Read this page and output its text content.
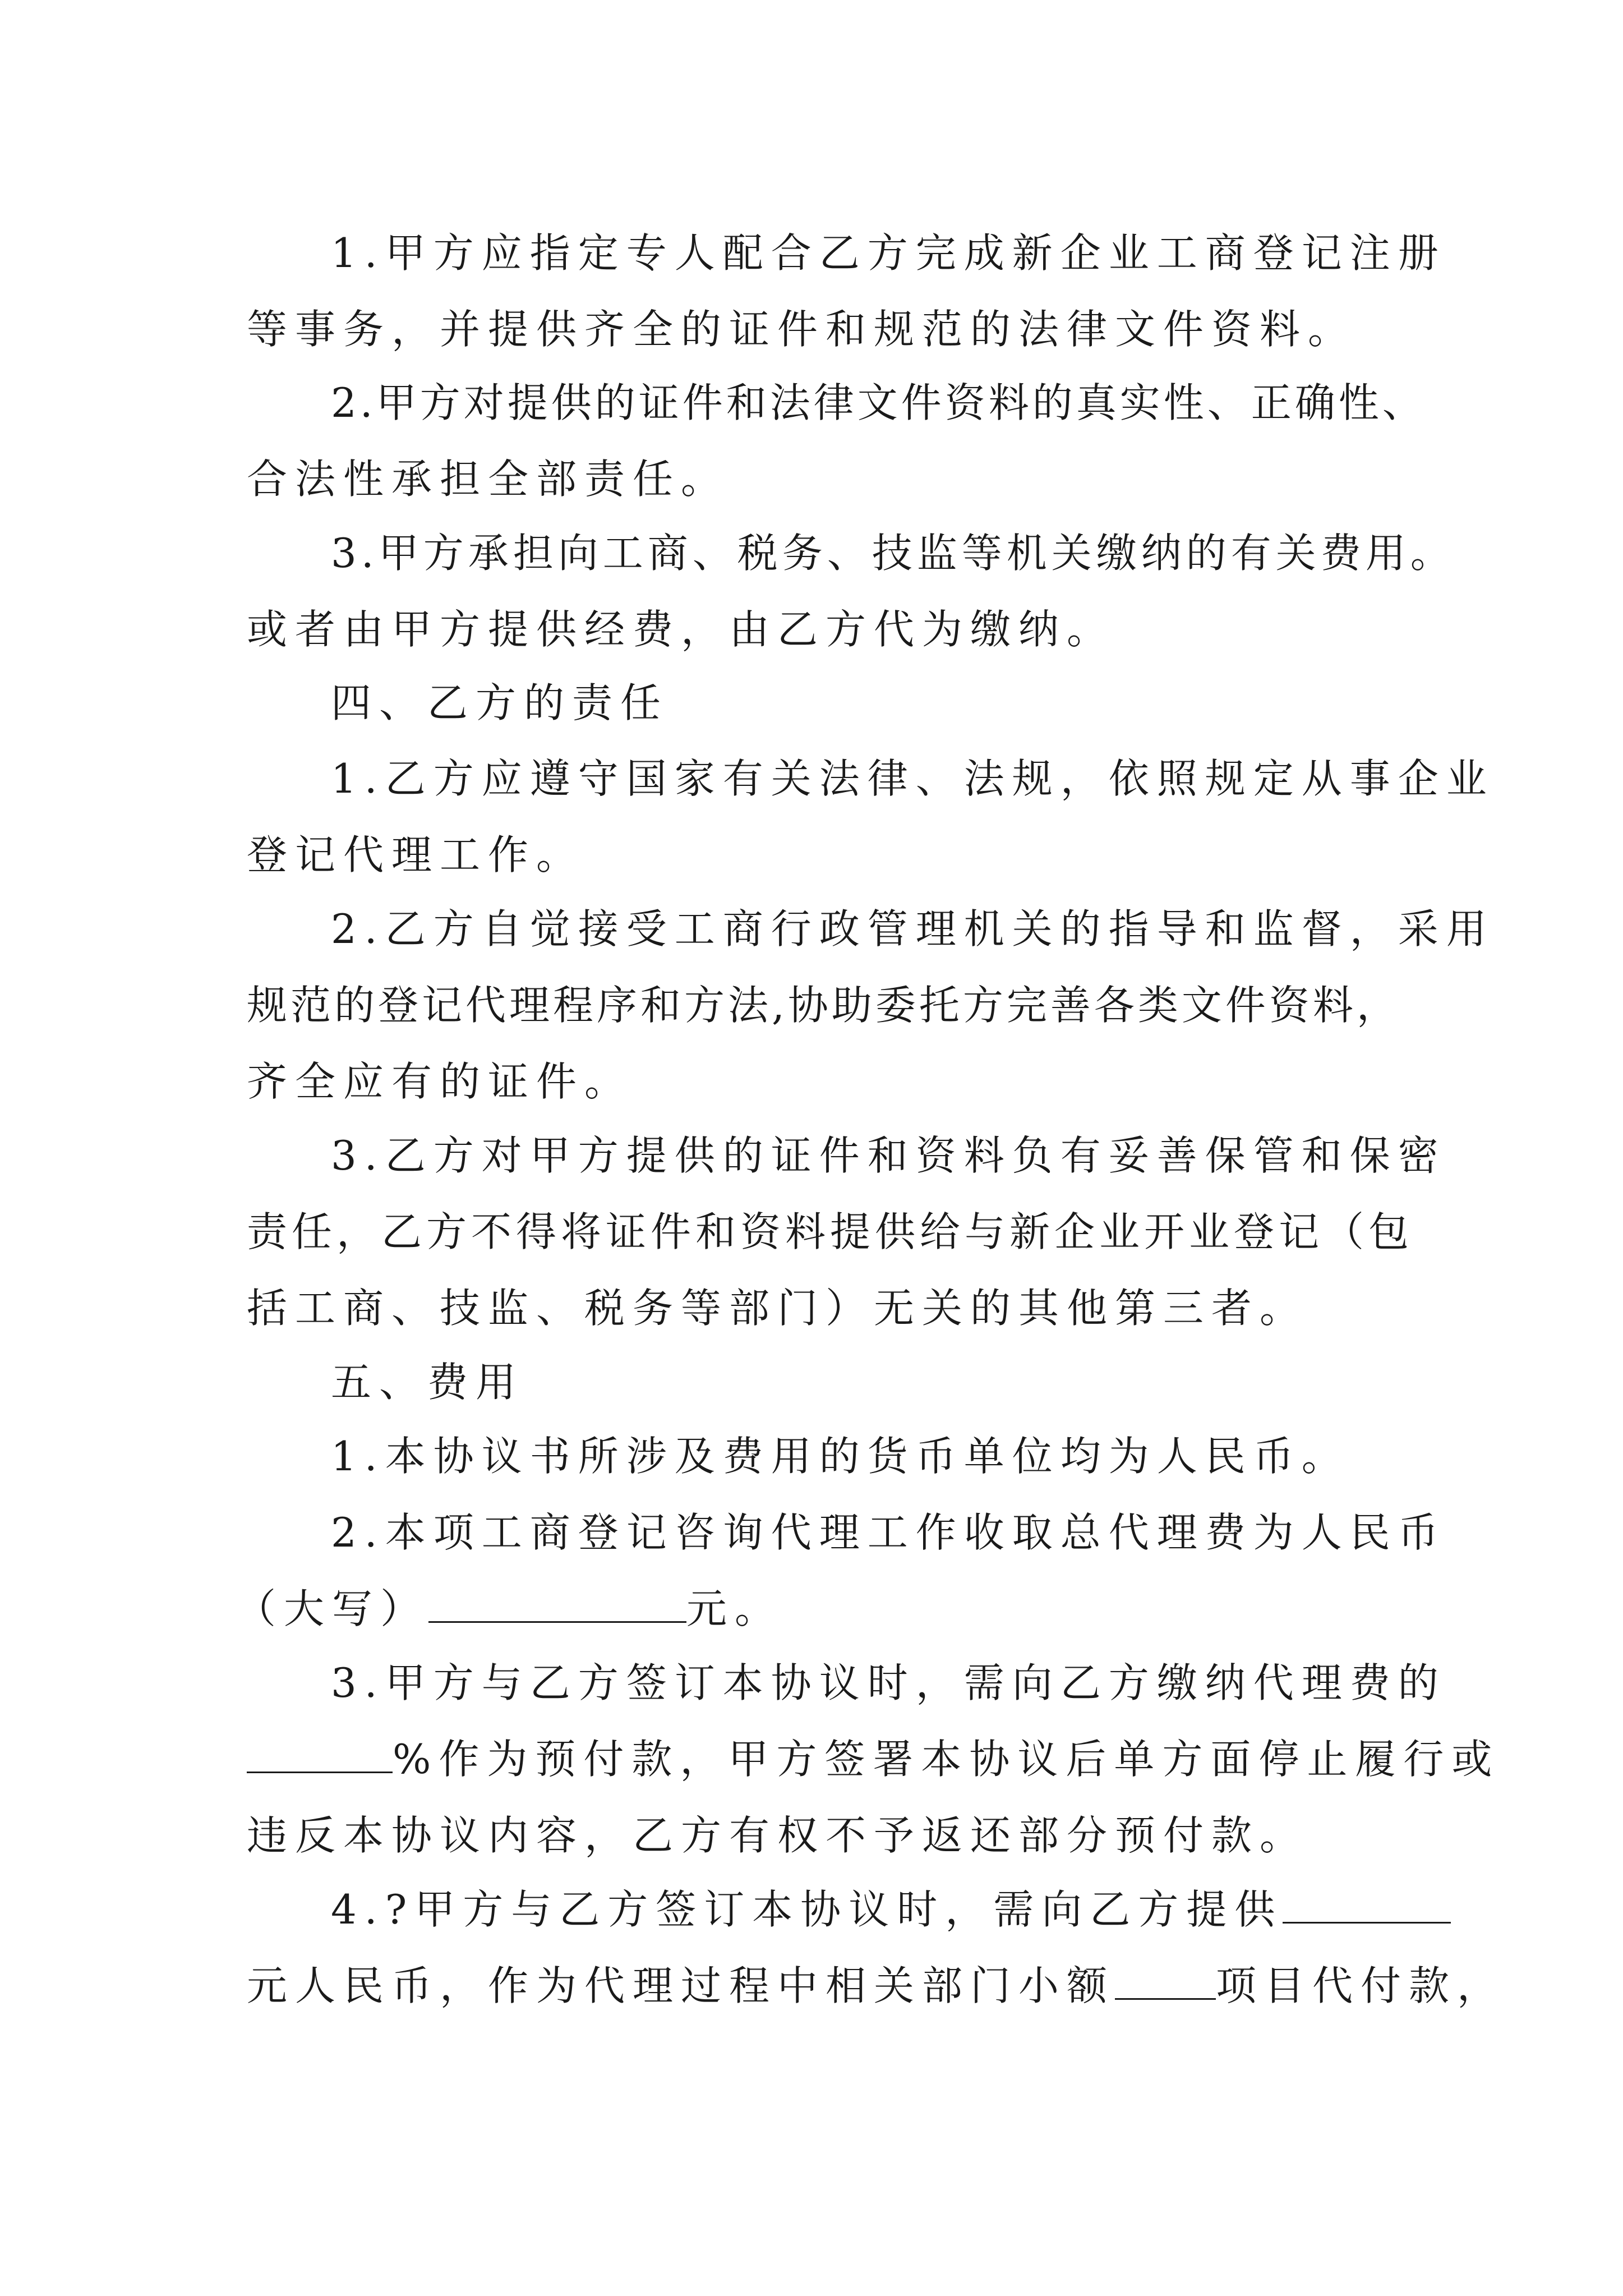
1.甲方应指定专人配合乙方完成新企业工商登记注册

等事务，并提供齐全的证件和规范的法律文件资料。

2.甲方对提供的证件和法律文件资料的真实性、正确性、

合法性承担全部责任。

3.甲方承担向工商、税务、技监等机关缴纳的有关费用。

或者由甲方提供经费，由乙方代为缴纳。

四、乙方的责任

1.乙方应遵守国家有关法律、法规，依照规定从事企业

登记代理工作。

2.乙方自觉接受工商行政管理机关的指导和监督，采用

规范的登记代理程序和方法,协助委托方完善各类文件资料，

齐全应有的证件。

3.乙方对甲方提供的证件和资料负有妥善保管和保密

责任，乙方不得将证件和资料提供给与新企业开业登记（包

括工商、技监、税务等部门）无关的其他第三者。

五、费用

1.本协议书所涉及费用的货币单位均为人民币。

2.本项工商登记咨询代理工作收取总代理费为人民币

（大写）	元。

3.甲方与乙方签订本协议时，需向乙方缴纳代理费的

%作为预付款，甲方签署本协议后单方面停止履行或

违反本协议内容，乙方有权不予返还部分预付款。

4.?甲方与乙方签订本协议时，需向乙方提供

元人民币，作为代理过程中相关部门小额	项目代付款，
